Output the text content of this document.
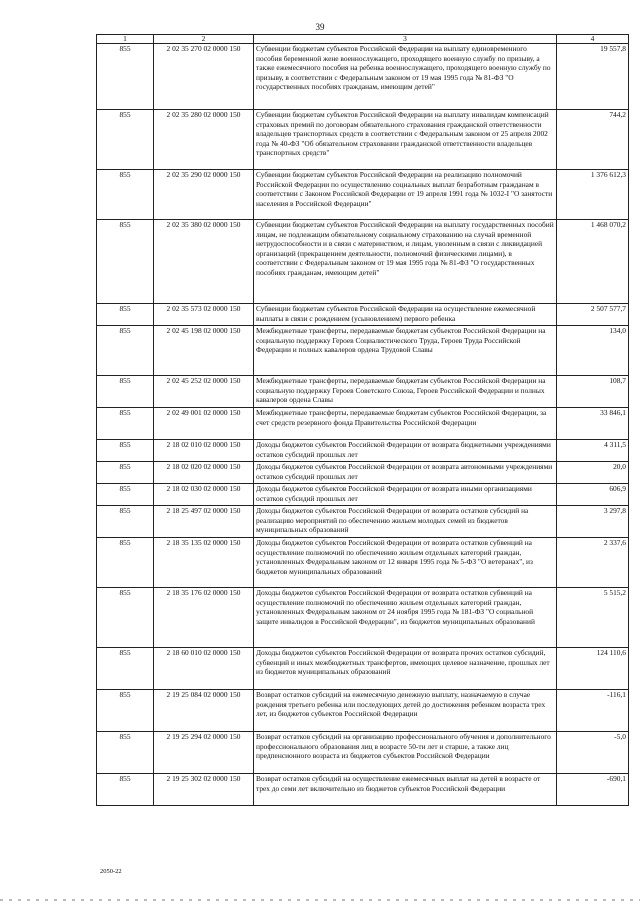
39
1	2	3	4
855	2 02 35 270 02 0000 150	Субвенции бюджетам субъектов Российской Федерации на выплату единовременного пособия беременной жене военнослужащего, проходящего военную службу по призыву, а также ежемесячного пособия на ребенка военнослужащего, проходящего военную службу по призыву, в соответствии с Федеральным законом от 19 мая 1995 года № 81-ФЗ "О государственных пособиях гражданам, имеющим детей"	19 557,8
855	2 02 35 280 02 0000 150	Субвенции бюджетам субъектов Российской Федерации на выплату инвалидам компенсаций страховых премий по договорам обязательного страхования гражданской ответственности владельцев транспортных средств в соответствии с Федеральным законом от 25 апреля 2002 года № 40-ФЗ "Об обязательном страховании гражданской ответственности владельцев транспортных средств"	744,2
855	2 02 35 290 02 0000 150	Субвенции бюджетам субъектов Российской Федерации на реализацию полномочий Российской Федерации по осуществлению социальных выплат безработным гражданам в соответствии с Законом Российской Федерации от 19 апреля 1991 года № 1032-I "О занятости населения в Российской Федерации"	1 376 612,3
855	2 02 35 380 02 0000 150	Субвенции бюджетам субъектов Российской Федерации на выплату государственных пособий лицам, не подлежащим обязательному социальному страхованию на случай временной нетрудоспособности и в связи с материнством, и лицам, уволенным в связи с ликвидацией организаций (прекращением деятельности, полномочий физическими лицами), в соответствии с Федеральным законом от 19 мая 1995 года № 81-ФЗ "О государственных пособиях гражданам, имеющим детей"	1 468 070,2
855	2 02 35 573 02 0000 150	Субвенции бюджетам субъектов Российской Федерации на осуществление ежемесячной выплаты в связи с рождением (усыновлением) первого ребенка	2 507 577,7
855	2 02 45 198 02 0000 150	Межбюджетные трансферты, передаваемые бюджетам субъектов Российской Федерации на социальную поддержку Героев Социалистического Труда, Героев Труда Российской Федерации и полных кавалеров ордена Трудовой Славы	134,0
855	2 02 45 252 02 0000 150	Межбюджетные трансферты, передаваемые бюджетам субъектов Российской Федерации на социальную поддержку Героев Советского Союза, Героев Российской Федерации и полных кавалеров ордена Славы	108,7
855	2 02 49 001 02 0000 150	Межбюджетные трансферты, передаваемые бюджетам субъектов Российской Федерации, за счет средств резервного фонда Правительства Российской Федерации	33 846,1
855	2 18 02 010 02 0000 150	Доходы бюджетов субъектов Российской Федерации от возврата бюджетными учреждениями остатков субсидий прошлых лет	4 311,5
855	2 18 02 020 02 0000 150	Доходы бюджетов субъектов Российской Федерации от возврата автономными учреждениями остатков субсидий прошлых лет	20,0
855	2 18 02 030 02 0000 150	Доходы бюджетов субъектов Российской Федерации от возврата иными организациями остатков субсидий прошлых лет	606,9
855	2 18 25 497 02 0000 150	Доходы бюджетов субъектов Российской Федерации от возврата остатков субсидий на реализацию мероприятий по обеспечению жильем молодых семей из бюджетов муниципальных образований	3 297,8
855	2 18 35 135 02 0000 150	Доходы бюджетов субъектов Российской Федерации от возврата остатков субвенций на осуществление полномочий по обеспечению жильем отдельных категорий граждан, установленных Федеральным законом от 12 января 1995 года № 5-ФЗ "О ветеранах", из бюджетов муниципальных образований	2 337,6
855	2 18 35 176 02 0000 150	Доходы бюджетов субъектов Российской Федерации от возврата остатков субвенций на осуществление полномочий по обеспечению жильем отдельных категорий граждан, установленных Федеральным законом от 24 ноября 1995 года № 181-ФЗ "О социальной защите инвалидов в Российской Федерации", из бюджетов муниципальных образований	5 515,2
855	2 18 60 010 02 0000 150	Доходы бюджетов субъектов Российской Федерации от возврата прочих остатков субсидий, субвенций и иных межбюджетных трансфертов, имеющих целевое назначение, прошлых лет из бюджетов муниципальных образований	124 110,6
855	2 19 25 084 02 0000 150	Возврат остатков субсидий на ежемесячную денежную выплату, назначаемую в случае рождения третьего ребенка или последующих детей до достижения ребенком возраста трех лет, из бюджетов субъектов Российской Федерации	-116,1
855	2 19 25 294 02 0000 150	Возврат остатков субсидий на организацию профессионального обучения и дополнительного профессионального образования лиц в возрасте 50-ти лет и старше, а также лиц предпенсионного возраста из бюджетов субъектов Российской Федерации	-5,0
855	2 19 25 302 02 0000 150	Возврат остатков субсидий на осуществление ежемесячных выплат на детей в возрасте от трех до семи лет включительно из бюджетов субъектов Российской Федерации	-690,1
2050-22
